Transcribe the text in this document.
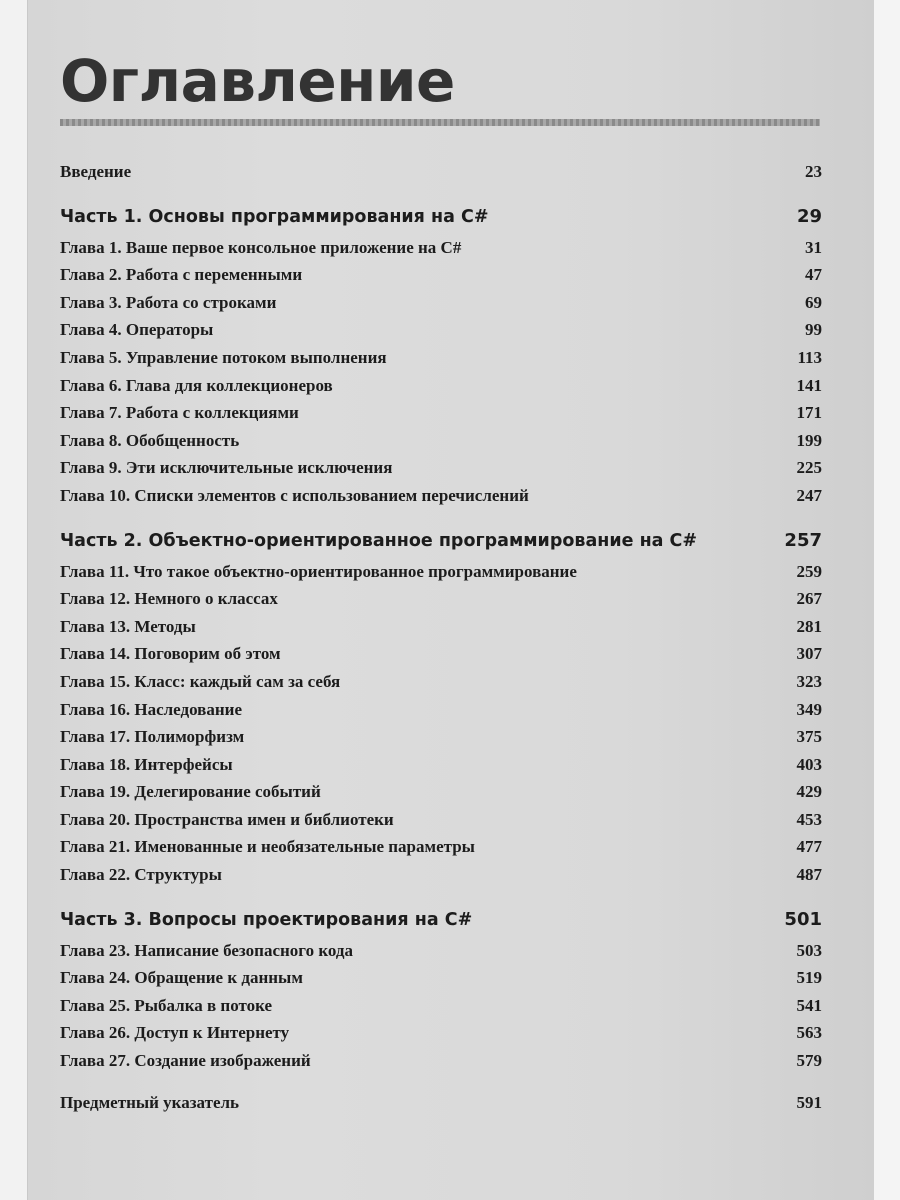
Оглавление
Введение	23
Часть 1. Основы программирования на C#	29
Глава 1. Ваше первое консольное приложение на C#	31
Глава 2. Работа с переменными	47
Глава 3. Работа со строками	69
Глава 4. Операторы	99
Глава 5. Управление потоком выполнения	113
Глава 6. Глава для коллекционеров	141
Глава 7. Работа с коллекциями	171
Глава 8. Обобщенность	199
Глава 9. Эти исключительные исключения	225
Глава 10. Списки элементов с использованием перечислений	247
Часть 2. Объектно-ориентированное программирование на C#	257
Глава 11. Что такое объектно-ориентированное программирование	259
Глава 12. Немного о классах	267
Глава 13. Методы	281
Глава 14. Поговорим об этом	307
Глава 15. Класс: каждый сам за себя	323
Глава 16. Наследование	349
Глава 17. Полиморфизм	375
Глава 18. Интерфейсы	403
Глава 19. Делегирование событий	429
Глава 20. Пространства имен и библиотеки	453
Глава 21. Именованные и необязательные параметры	477
Глава 22. Структуры	487
Часть 3. Вопросы проектирования на C#	501
Глава 23. Написание безопасного кода	503
Глава 24. Обращение к данным	519
Глава 25. Рыбалка в потоке	541
Глава 26. Доступ к Интернету	563
Глава 27. Создание изображений	579
Предметный указатель	591
